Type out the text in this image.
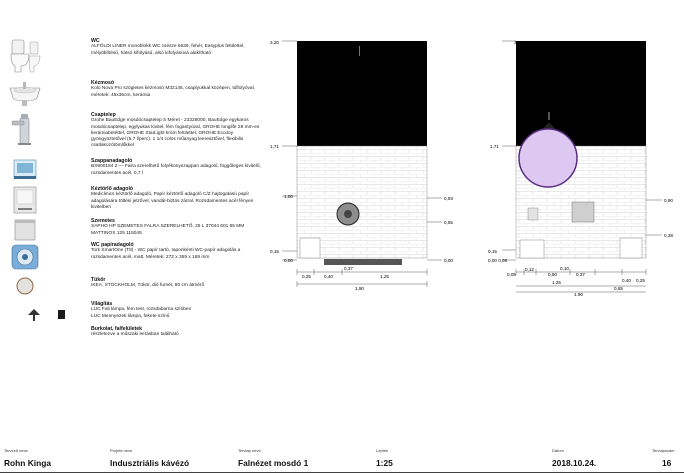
WC
ALFÖLDI LINER monoblokk WC csésze 6639, fehér, Easyplus felülettel, mélyöblítésű, hátsó kifolyású, alsó kifolyásúvá alakítható
Kézmosó
Kolo Nova Pro szögletes kézmosó M32146, csaplyukkal középen, túlfolyóval, méretek: 45x35cm, kerámia
Csaptelep
Grohe BauEdge mosdócsaptelep S Méret - 23328000, BauEdge egykaros mosdócsaptelep, egylyukas kivitel, fém fogantyúval, GROHE longlife 28 mm-es kerámiabetéttel, GROHE StarLight króm felülettel, GROHE EcoJoy gyöngyöztetővel (5,7 l/perc). 1 1/4 colos műanyag leeresztővel, flexibilis csatlakozótömlőkkel
Szappanadagoló
BX900184 2 — Falra szerelhető folyékonyszappan adagoló, függőleges kivitelű, rozsdamentes acél, 0,7 l
Kéztörlő adagoló
Mediclinics kéztörlő adagoló, Papír kéztörlő adagoló C/Z hajtogatású papír adagolására töltési jelzővel, vandál-biztos zárral. Rozsdamentes acél fényes kivitelben
Szemetes
SAPHO HP SZEMETES FALRA SZERELHETŐ, 25 L 37044 601 65 MM MATTINOX 125 115045
WC papíradagoló
Tork SmartOne (T8) - WC papír tartó, Iaponkénti WC-papír adagolás a rozsdamentes acél, matt, Méretek: 272 x 369 x 169 mm
Tükör
IKEA, STOCKHOLM, Tükör, dió furnér, 80 cm átmérő
Világítás
LUC Fali lámpa, fém test, rozsdabarna színben
LUC Mennyezeti lámpa, fekete színű
Burkolat, falfelületek
részletezve a műszaki leírásban található
3,20
1,71
1,00
0,15
0,00
0,93
0,55
0,00
0,25	0,40	1,25
0,37
1,90
3,20
1,71
0,90
0,38
0,15
0,00 0,00
0,05
0,12
0,50	0,37
0,10
0,40 0,25
1,25
0,65
1,90
Tervező neve
Rohn Kinga
Projekt neve
Indusztriális kávézó
Tervlap neve
Falnézet mosdó 1
Lépték
1:25
Dátum
2018.10.24.
Tervlapszám
16
